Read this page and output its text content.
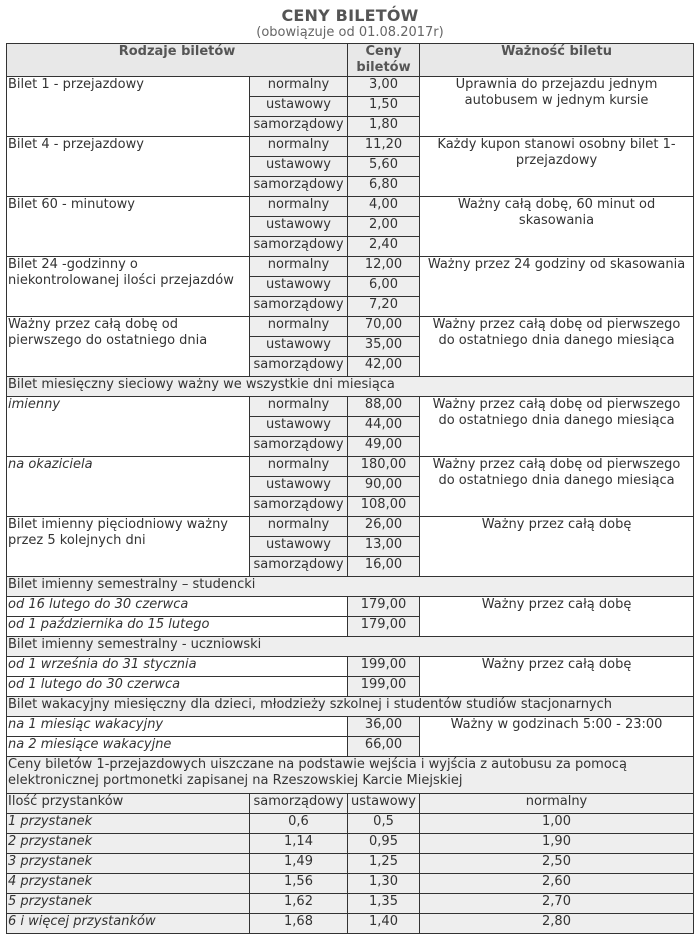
CENY BILETÓW
(obowiązuje od 01.08.2017r)
Rodzaje biletów		Ceny biletów	Ważność biletu
Bilet 1 - przejazdowy	normalny	3,00	Uprawnia do przejazdu jednym autobusem w jednym kursie
	ustawowy	1,50	
	samorządowy	1,80	
Bilet 4 - przejazdowy	normalny	11,20	Każdy kupon stanowi osobny bilet 1-przejazdowy
	ustawowy	5,60	
	samorządowy	6,80	
Bilet 60 - minutowy	normalny	4,00	Ważny całą dobę, 60 minut od skasowania
	ustawowy	2,00	
	samorządowy	2,40	
Bilet 24 -godzinny o niekontrolowanej ilości przejazdów	normalny	12,00	Ważny przez 24 godziny od skasowania
	ustawowy	6,00	
	samorządowy	7,20	
Ważny przez całą dobę od pierwszego do ostatniego dnia	normalny	70,00	Ważny przez całą dobę od pierwszego do ostatniego dnia danego miesiąca
	ustawowy	35,00	
	samorządowy	42,00	
Bilet miesięczny sieciowy ważny we wszystkie dni miesiąca			
imienny	normalny	88,00	Ważny przez całą dobę od pierwszego do ostatniego dnia danego miesiąca
	ustawowy	44,00	
	samorządowy	49,00	
na okaziciela	normalny	180,00	Ważny przez całą dobę od pierwszego do ostatniego dnia danego miesiąca
	ustawowy	90,00	
	samorządowy	108,00	
Bilet imienny pięciodniowy ważny przez 5 kolejnych dni	normalny	26,00	Ważny przez całą dobę
	ustawowy	13,00	
	samorządowy	16,00	
Bilet imienny semestralny – studencki			
od 16 lutego do 30 czerwca		179,00	Ważny przez całą dobę
od 1 października do 15 lutego		179,00	
Bilet imienny semestralny - uczniowski			
od 1 września do 31 stycznia		199,00	Ważny przez całą dobę
od 1 lutego do 30 czerwca		199,00	
Bilet wakacyjny miesięczny dla dzieci, młodzieży szkolnej i studentów studiów stacjonarnych			
na 1 miesiąc wakacyjny		36,00	Ważny w godzinach 5:00 - 23:00
na 2 miesiące wakacyjne		66,00	
Ceny biletów 1-przejazdowych uiszczane na podstawie wejścia i wyjścia z autobusu za pomocą elektronicznej portmonetki zapisanej na Rzeszowskiej Karcie Miejskiej			
Ilość przystanków	samorządowy	ustawowy	normalny
1 przystanek	0,6	0,5	1,00
2 przystanek	1,14	0,95	1,90
3 przystanek	1,49	1,25	2,50
4 przystanek	1,56	1,30	2,60
5 przystanek	1,62	1,35	2,70
6 i więcej przystanków	1,68	1,40	2,80
